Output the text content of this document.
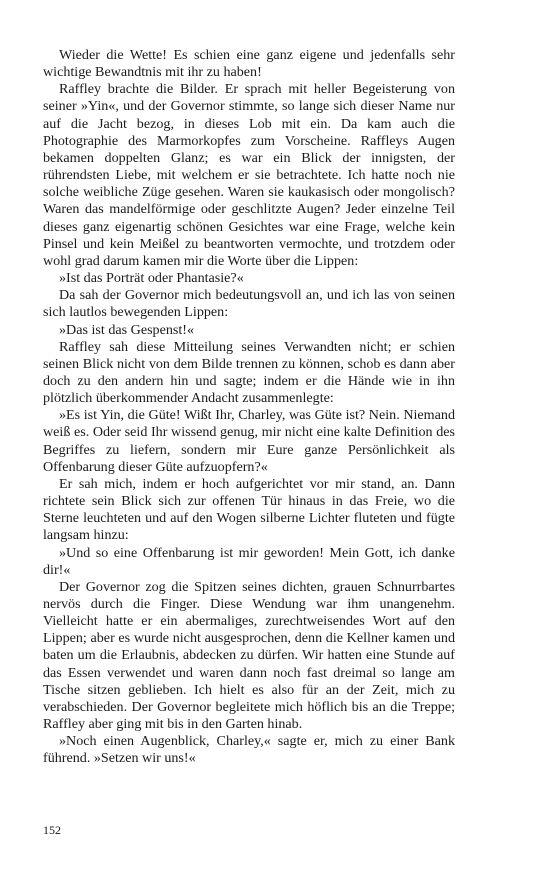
Wieder die Wette! Es schien eine ganz eigene und jedenfalls sehr wichtige Bewandtnis mit ihr zu haben!

Raffley brachte die Bilder. Er sprach mit heller Begeisterung von seiner »Yin«, und der Governor stimmte, so lange sich dieser Name nur auf die Jacht bezog, in dieses Lob mit ein. Da kam auch die Photographie des Marmorkopfes zum Vorscheine. Raffleys Augen bekamen doppelten Glanz; es war ein Blick der innigsten, der rührendsten Liebe, mit welchem er sie betrachtete. Ich hatte noch nie solche weibliche Züge gesehen. Waren sie kaukasisch oder mongolisch? Waren das mandelförmige oder geschlitzte Augen? Jeder einzelne Teil dieses ganz eigenartig schönen Gesichtes war eine Frage, welche kein Pinsel und kein Meißel zu beantworten vermochte, und trotzdem oder wohl grad darum kamen mir die Worte über die Lippen:

»Ist das Porträt oder Phantasie?«

Da sah der Governor mich bedeutungsvoll an, und ich las von seinen sich lautlos bewegenden Lippen:

»Das ist das Gespenst!«

Raffley sah diese Mitteilung seines Verwandten nicht; er schien seinen Blick nicht von dem Bilde trennen zu können, schob es dann aber doch zu den andern hin und sagte; indem er die Hände wie in ihn plötzlich überkommender Andacht zusammenlegte:

»Es ist Yin, die Güte! Wißt Ihr, Charley, was Güte ist? Nein. Niemand weiß es. Oder seid Ihr wissend genug, mir nicht eine kalte Definition des Begriffes zu liefern, sondern mir Eure ganze Persönlichkeit als Offenbarung dieser Güte aufzuopfern?«

Er sah mich, indem er hoch aufgerichtet vor mir stand, an. Dann richtete sein Blick sich zur offenen Tür hinaus in das Freie, wo die Sterne leuchteten und auf den Wogen silberne Lichter fluteten und fügte langsam hinzu:

»Und so eine Offenbarung ist mir geworden! Mein Gott, ich danke dir!«

Der Governor zog die Spitzen seines dichten, grauen Schnurrbartes nervös durch die Finger. Diese Wendung war ihm unangenehm. Vielleicht hatte er ein abermaliges, zurechtweisendes Wort auf den Lippen; aber es wurde nicht ausgesprochen, denn die Kellner kamen und baten um die Erlaubnis, abdecken zu dürfen. Wir hatten eine Stunde auf das Essen verwendet und waren dann noch fast dreimal so lange am Tische sitzen geblieben. Ich hielt es also für an der Zeit, mich zu verabschieden. Der Governor begleitete mich höflich bis an die Treppe; Raffley aber ging mit bis in den Garten hinab.

»Noch einen Augenblick, Charley,« sagte er, mich zu einer Bank führend. »Setzen wir uns!«

152
